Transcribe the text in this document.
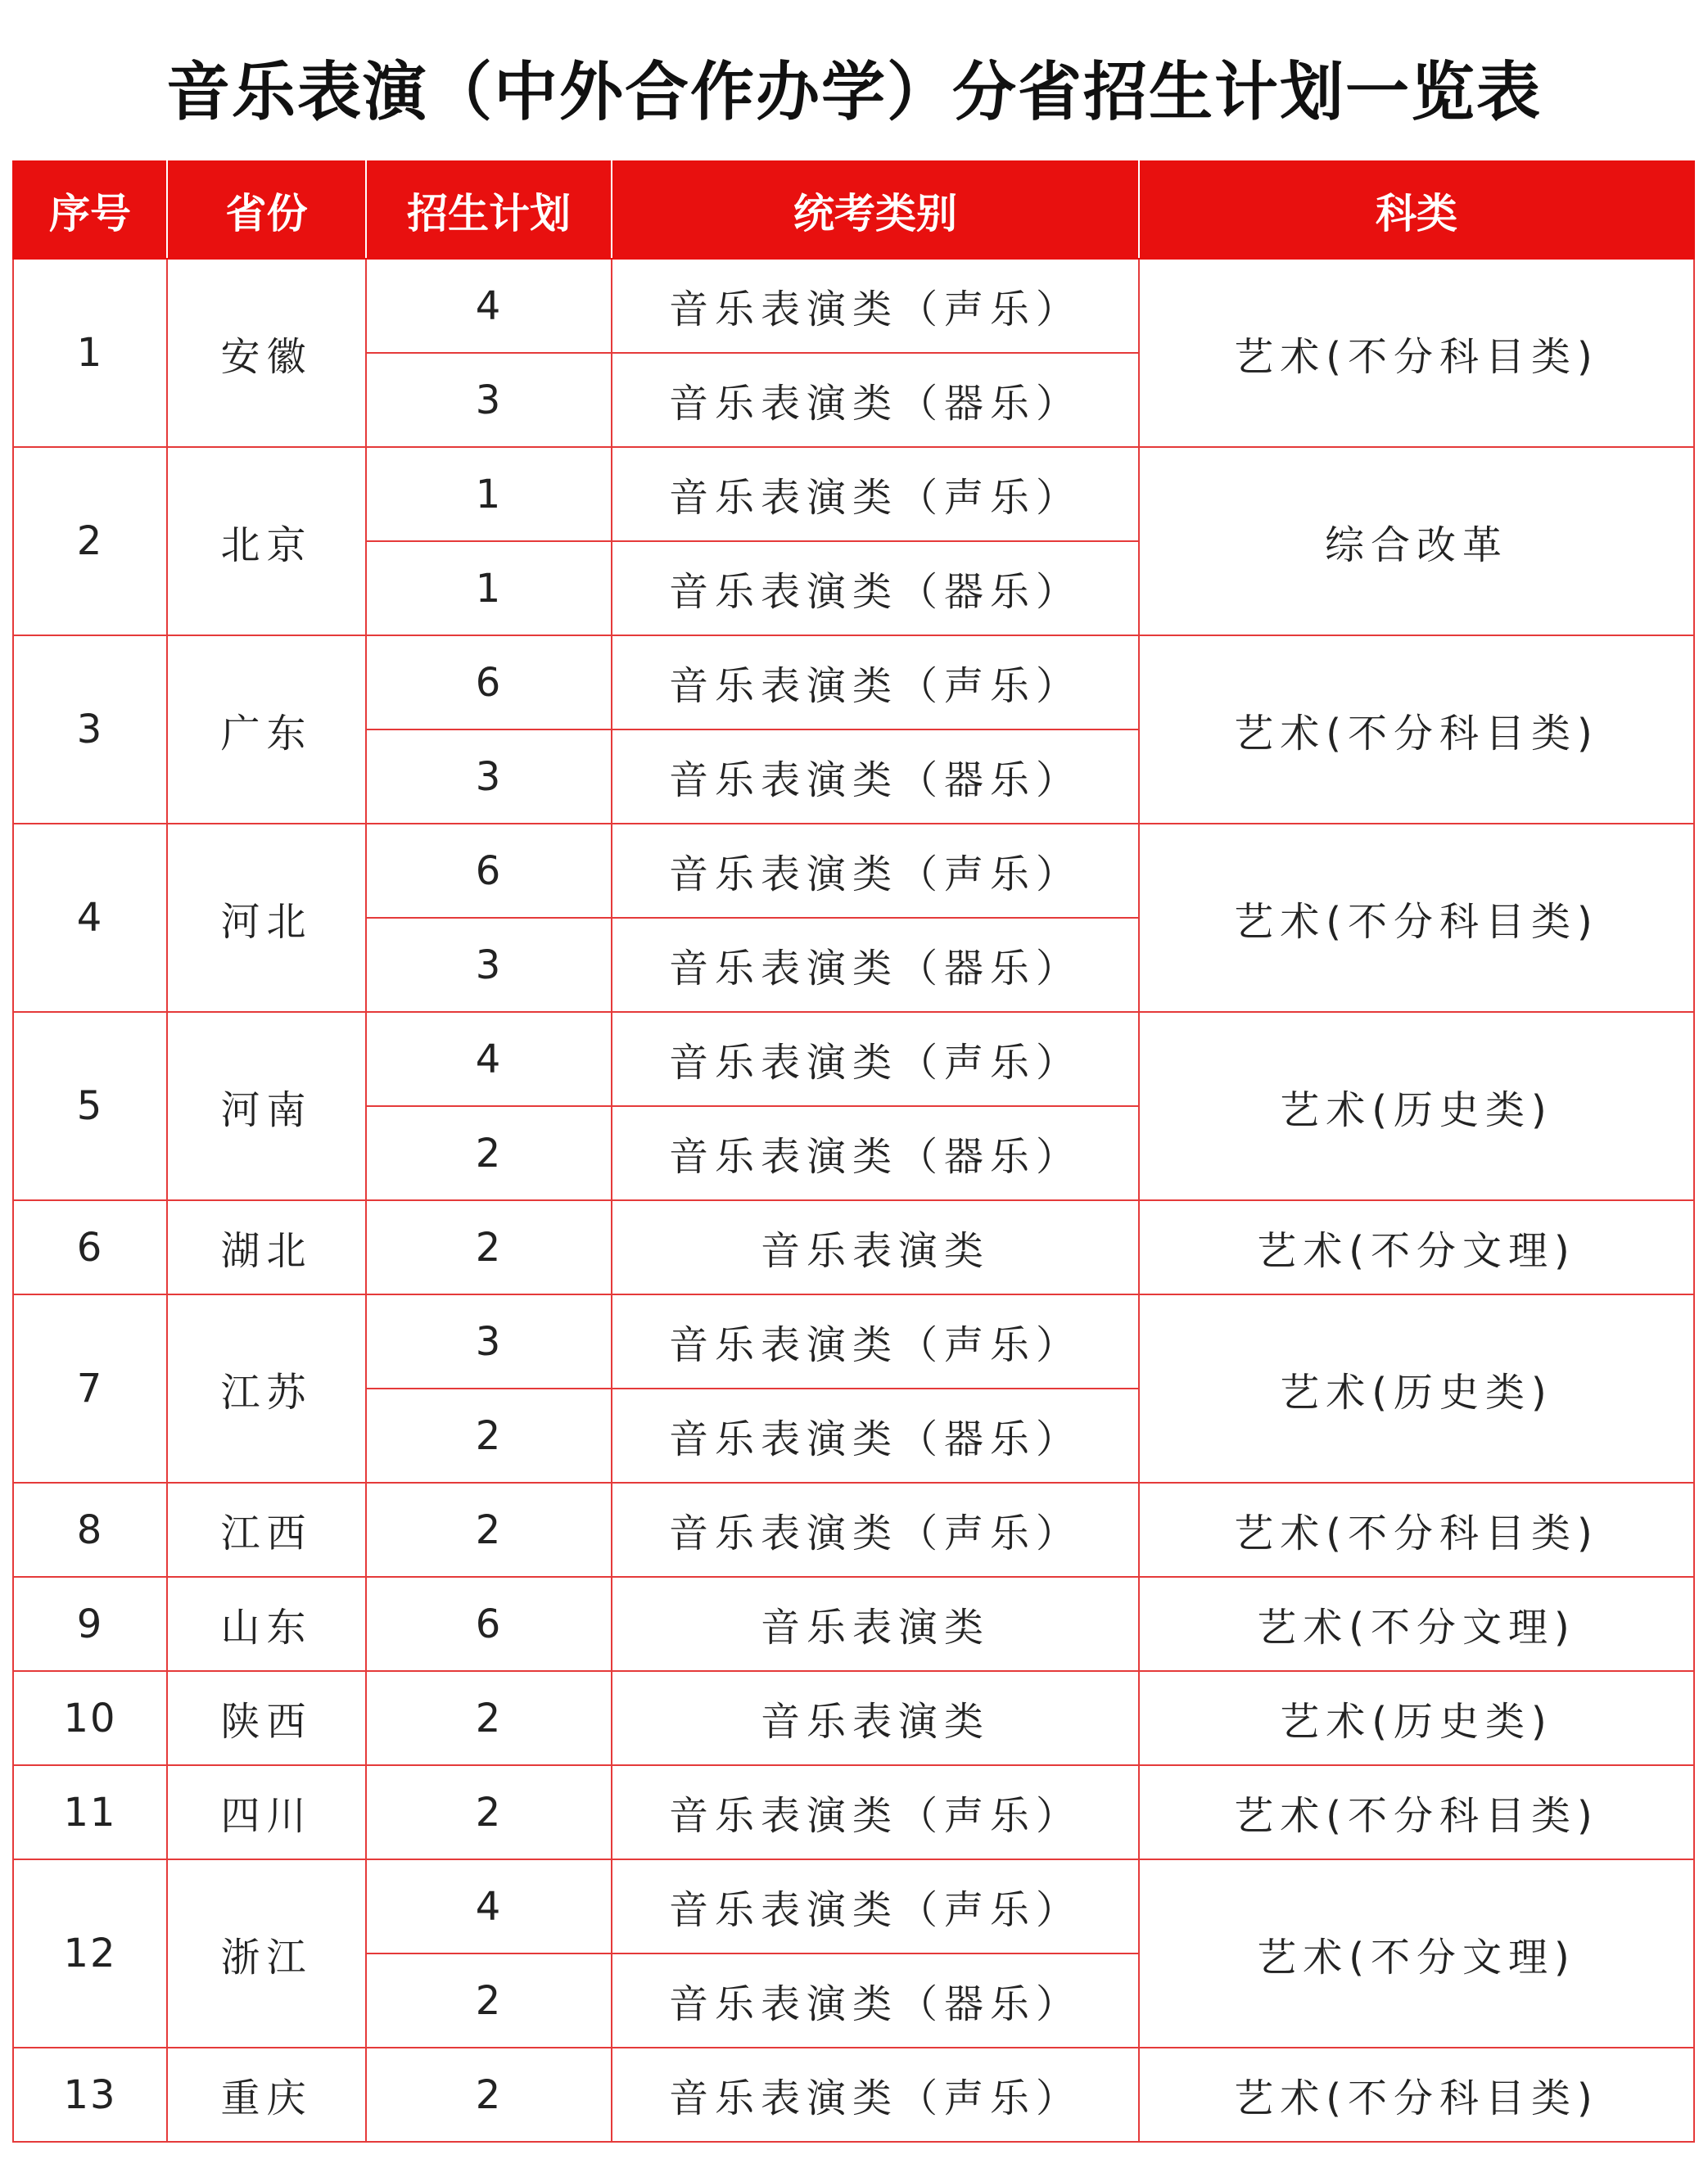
音乐表演（中外合作办学）分省招生计划一览表
序号	省份	招生计划	统考类别	科类
1	安徽	4	音乐表演类（声乐）	艺术(不分科目类)
		3	音乐表演类（器乐）	
2	北京	1	音乐表演类（声乐）	综合改革
		1	音乐表演类（器乐）	
3	广东	6	音乐表演类（声乐）	艺术(不分科目类)
		3	音乐表演类（器乐）	
4	河北	6	音乐表演类（声乐）	艺术(不分科目类)
		3	音乐表演类（器乐）	
5	河南	4	音乐表演类（声乐）	艺术(历史类)
		2	音乐表演类（器乐）	
6	湖北	2	音乐表演类	艺术(不分文理)
7	江苏	3	音乐表演类（声乐）	艺术(历史类)
		2	音乐表演类（器乐）	
8	江西	2	音乐表演类（声乐）	艺术(不分科目类)
9	山东	6	音乐表演类	艺术(不分文理)
10	陕西	2	音乐表演类	艺术(历史类)
11	四川	2	音乐表演类（声乐）	艺术(不分科目类)
12	浙江	4	音乐表演类（声乐）	艺术(不分文理)
		2	音乐表演类（器乐）	
13	重庆	2	音乐表演类（声乐）	艺术(不分科目类)
